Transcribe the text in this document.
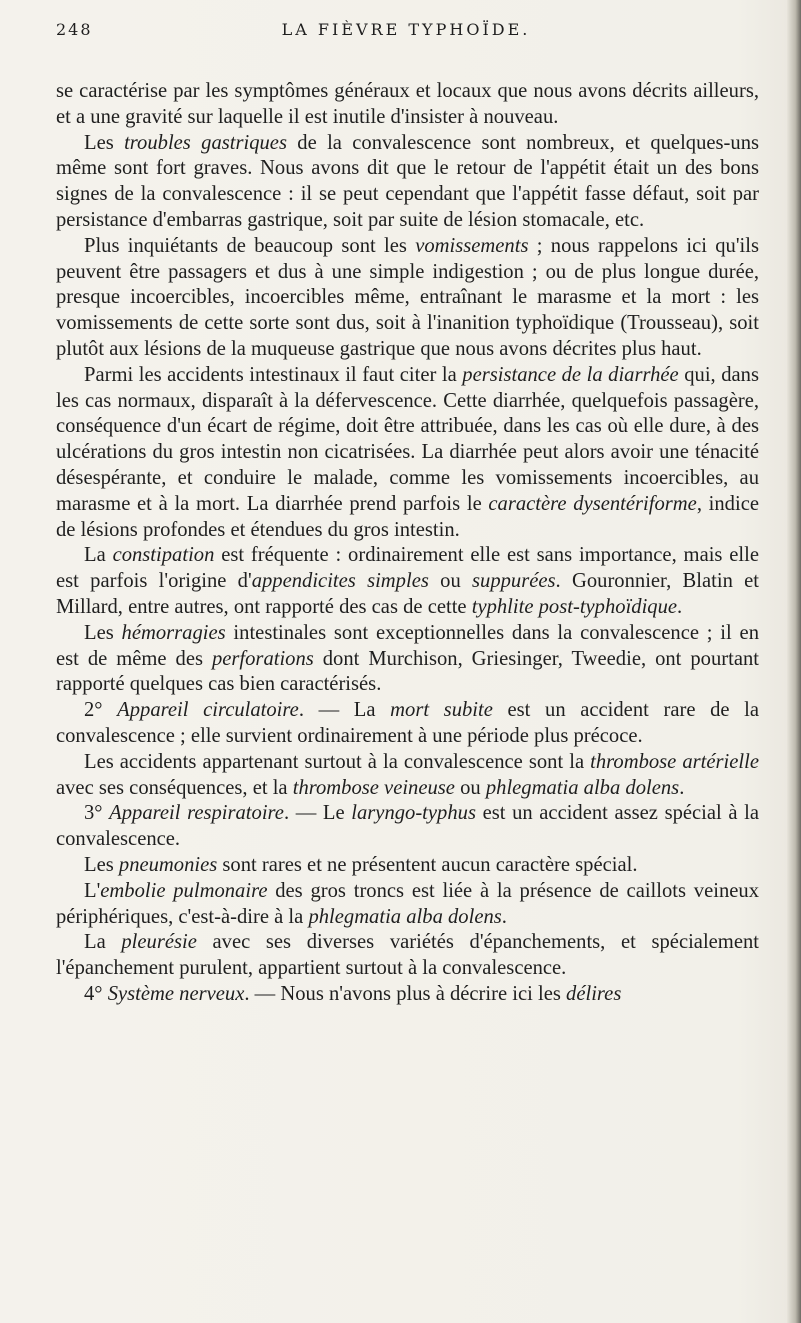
248	LA FIÈVRE TYPHOÏDE.

se caractérise par les symptômes généraux et locaux que nous avons décrits ailleurs, et a une gravité sur laquelle il est inutile d'insister à nouveau.

Les troubles gastriques de la convalescence sont nombreux, et quelques-uns même sont fort graves. Nous avons dit que le retour de l'appétit était un des bons signes de la convalescence : il se peut cependant que l'appétit fasse défaut, soit par persistance d'embarras gastrique, soit par suite de lésion stomacale, etc.

Plus inquiétants de beaucoup sont les vomissements ; nous rappelons ici qu'ils peuvent être passagers et dus à une simple indigestion ; ou de plus longue durée, presque incoercibles, incoercibles même, entraînant le marasme et la mort : les vomissements de cette sorte sont dus, soit à l'inanition typhoïdique (Trousseau), soit plutôt aux lésions de la muqueuse gastrique que nous avons décrites plus haut.

Parmi les accidents intestinaux il faut citer la persistance de la diarrhée qui, dans les cas normaux, disparaît à la défervescence. Cette diarrhée, quelquefois passagère, conséquence d'un écart de régime, doit être attribuée, dans les cas où elle dure, à des ulcérations du gros intestin non cicatrisées. La diarrhée peut alors avoir une ténacité désespérante, et conduire le malade, comme les vomissements incoercibles, au marasme et à la mort. La diarrhée prend parfois le caractère dysentériforme, indice de lésions profondes et étendues du gros intestin.

La constipation est fréquente : ordinairement elle est sans importance, mais elle est parfois l'origine d'appendicites simples ou suppurées. Gouronnier, Blatin et Millard, entre autres, ont rapporté des cas de cette typhlite post-typhoïdique.

Les hémorragies intestinales sont exceptionnelles dans la convalescence ; il en est de même des perforations dont Murchison, Griesinger, Tweedie, ont pourtant rapporté quelques cas bien caractérisés.

2° Appareil circulatoire. — La mort subite est un accident rare de la convalescence ; elle survient ordinairement à une période plus précoce.

Les accidents appartenant surtout à la convalescence sont la thrombose artérielle avec ses conséquences, et la thrombose veineuse ou phlegmatia alba dolens.

3° Appareil respiratoire. — Le laryngo-typhus est un accident assez spécial à la convalescence.

Les pneumonies sont rares et ne présentent aucun caractère spécial.

L'embolie pulmonaire des gros troncs est liée à la présence de caillots veineux périphériques, c'est-à-dire à la phlegmatia alba dolens.

La pleurésie avec ses diverses variétés d'épanchements, et spécialement l'épanchement purulent, appartient surtout à la convalescence.

4° Système nerveux. — Nous n'avons plus à décrire ici les délires
